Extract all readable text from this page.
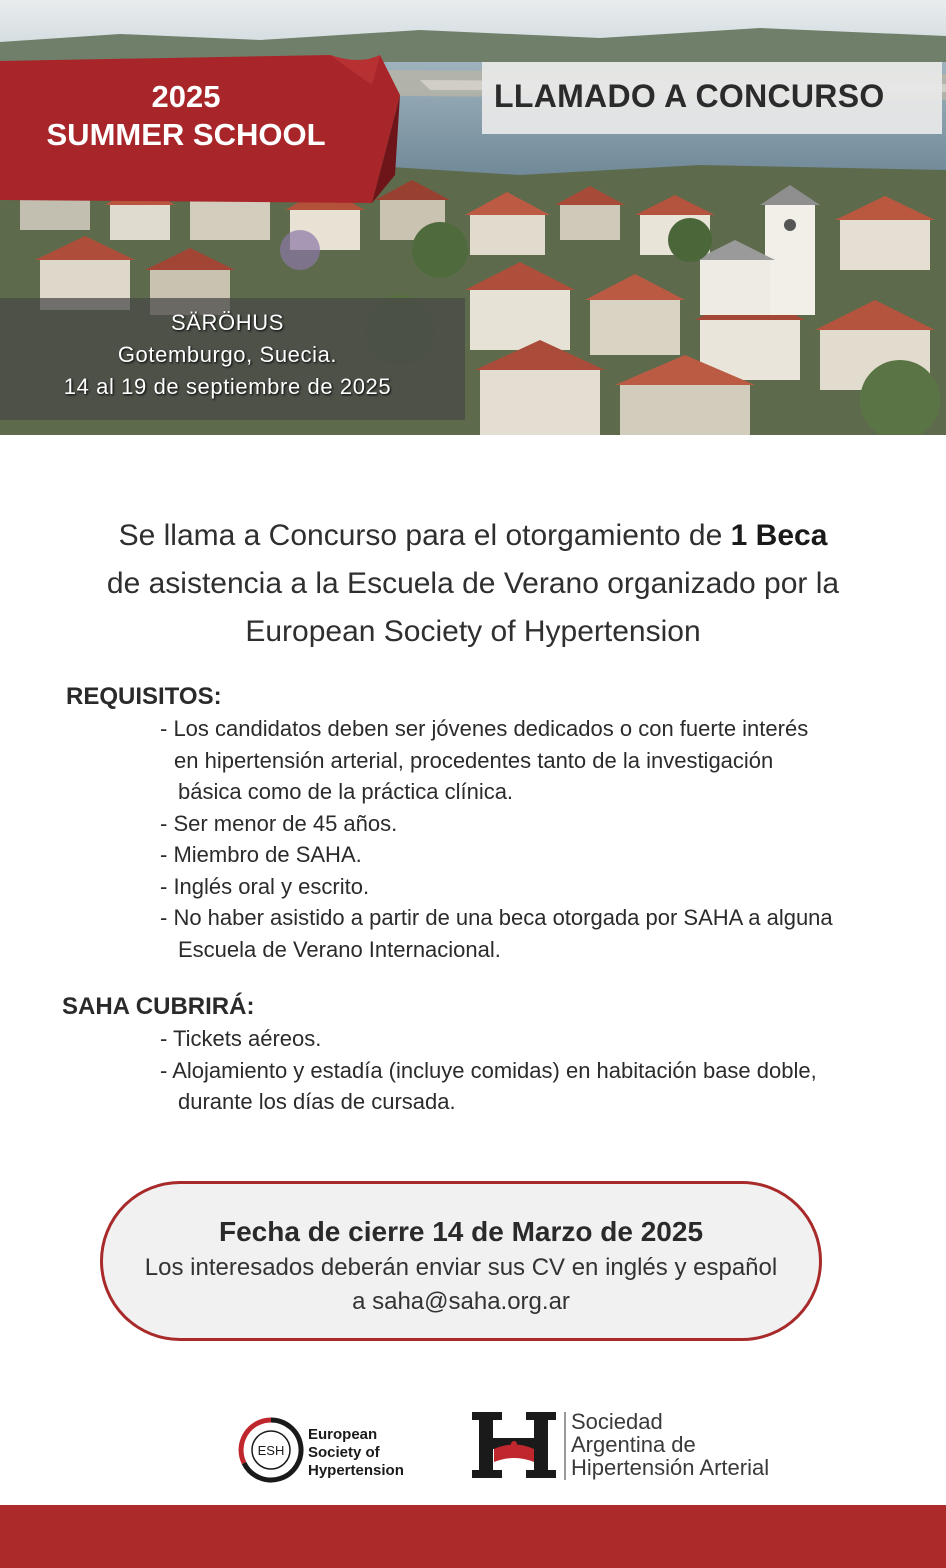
2025
SUMMER SCHOOL
LLAMADO A CONCURSO
SÄRÖHUS
Gotemburgo, Suecia.
14 al 19 de septiembre de 2025
Se llama a Concurso para el otorgamiento de 1 Beca
de asistencia a la Escuela de Verano organizado por la
European Society of Hypertension
REQUISITOS:
- Los candidatos deben ser jóvenes dedicados o con fuerte interés
en hipertensión arterial, procedentes tanto de la investigación
básica como de la práctica clínica.
- Ser menor de 45 años.
- Miembro de SAHA.
- Inglés oral y escrito.
- No haber asistido a partir de una beca otorgada por SAHA a alguna
Escuela de Verano Internacional.
SAHA CUBRIRÁ:
- Tickets aéreos.
- Alojamiento y estadía (incluye comidas) en habitación base doble,
durante los días de cursada.
Fecha de cierre 14 de Marzo de 2025
Los interesados deberán enviar sus CV en inglés y español
a saha@saha.org.ar
ESH
European
Society of
Hypertension
Sociedad
Argentina de
Hipertensión Arterial
